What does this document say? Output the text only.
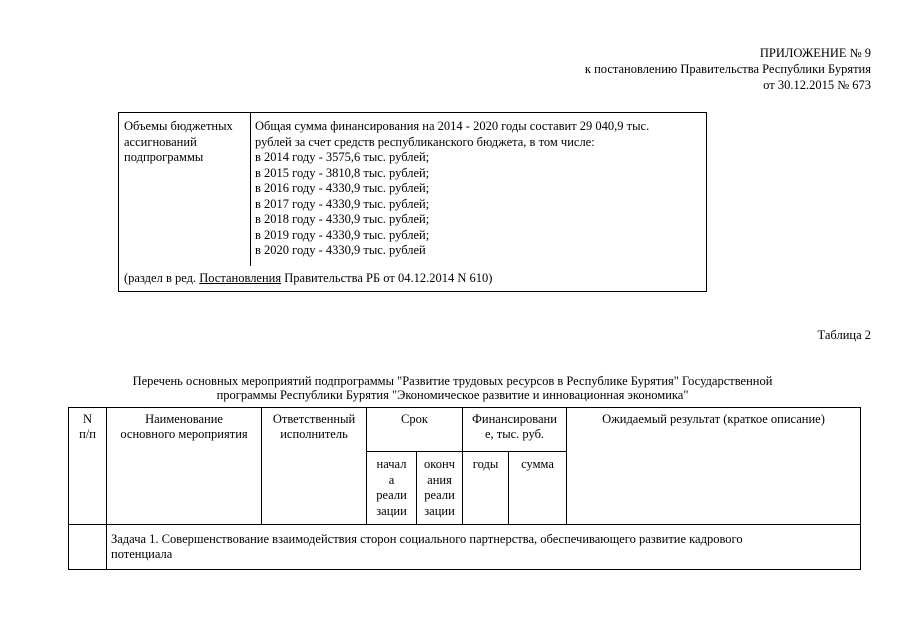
ПРИЛОЖЕНИЕ № 9
к постановлению Правительства Республики Бурятия
от 30.12.2015 № 673
Объемы бюджетных
ассигнований
подпрограммы
Общая сумма финансирования на 2014 - 2020 годы составит 29 040,9 тыс.
рублей за счет средств республиканского бюджета, в том числе:
в 2014 году - 3575,6 тыс. рублей;
в 2015 году - 3810,8 тыс. рублей;
в 2016 году - 4330,9 тыс. рублей;
в 2017 году - 4330,9 тыс. рублей;
в 2018 году - 4330,9 тыс. рублей;
в 2019 году - 4330,9 тыс. рублей;
в 2020 году - 4330,9 тыс. рублей
(раздел в ред. Постановления Правительства РБ от 04.12.2014 N 610)
Таблица 2
Перечень основных мероприятий подпрограммы "Развитие трудовых ресурсов в Республике Бурятия" Государственной
программы Республики Бурятия "Экономическое развитие и инновационная экономика"
N
п/п
Наименование
основного мероприятия
Ответственный
исполнитель
Срок	Финансировани
е, тыс. руб.
Ожидаемый результат (краткое описание)
начал
а
реали
зации
оконч
ания
реали
зации
годы	сумма
Задача 1. Совершенствование взаимодействия сторон социального партнерства, обеспечивающего развитие кадрового
потенциала
